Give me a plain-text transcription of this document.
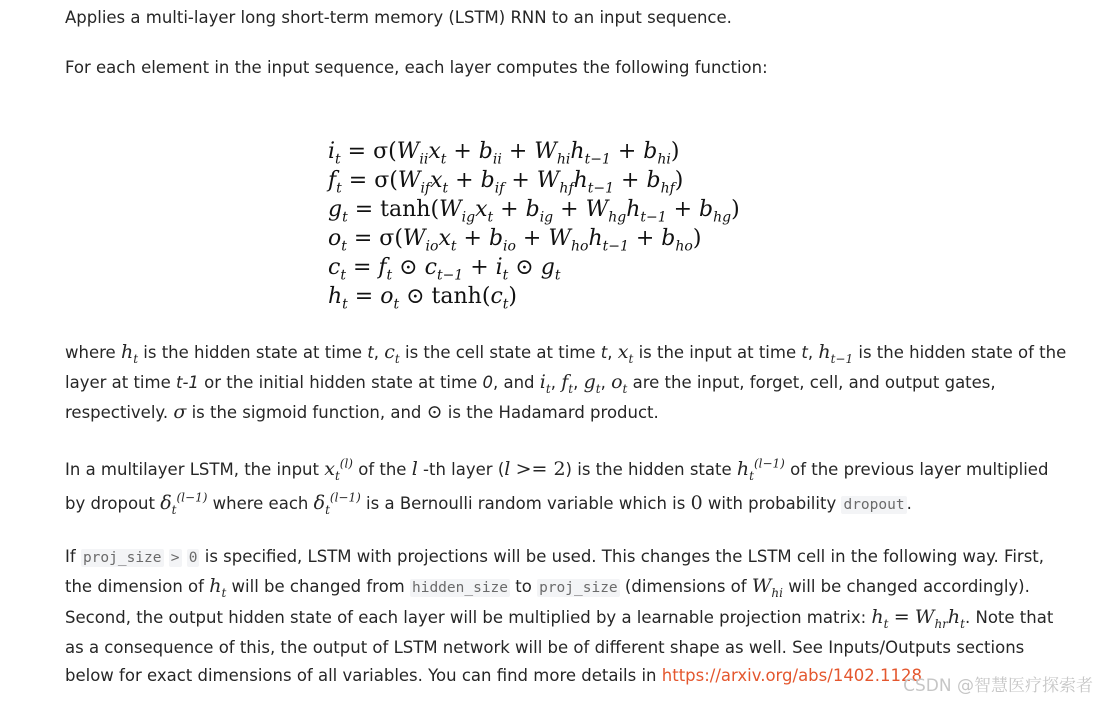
Applies a multi-layer long short-term memory (LSTM) RNN to an input sequence.
For each element in the input sequence, each layer computes the following function:
$i_t = \sigma(W_{ii}x_t + b_{ii} + W_{hi}h_{t-1} + b_{hi})$
$f_t = \sigma(W_{if}x_t + b_{if} + W_{hf}h_{t-1} + b_{hf})$
$g_t = \tanh(W_{ig}x_t + b_{ig} + W_{hg}h_{t-1} + b_{hg})$
$o_t = \sigma(W_{io}x_t + b_{io} + W_{ho}h_{t-1} + b_{ho})$
$c_t = f_t$ ⊙ $c_{t-1} + i_t$ ⊙ $g_t$
$h_t = o_t$ ⊙ $\tanh(c_t)$
where $h_t$ is the hidden state at time t, $c_t$ is the cell state at time t, $x_t$ is the input at time t, $h_{t-1}$ is the hidden state of the
layer at time t-1 or the initial hidden state at time 0, and $i_t$, $f_t$, $g_t$, $o_t$ are the input, forget, cell, and output gates,
respectively. σ is the sigmoid function, and ⊙ is the Hadamard product.
In a multilayer LSTM, the input $x_t^{(l)}$ of the l -th layer (l >= 2) is the hidden state $h_t^{(l-1)}$ of the previous layer multiplied
by dropout $\delta_t^{(l-1)}$ where each $\delta_t^{(l-1)}$ is a Bernoulli random variable which is 0 with probability dropout .
If proj_size > 0 is specified, LSTM with projections will be used. This changes the LSTM cell in the following way. First,
the dimension of $h_t$ will be changed from hidden_size to proj_size (dimensions of $W_{hi}$ will be changed accordingly).
Second, the output hidden state of each layer will be multiplied by a learnable projection matrix: $h_t = W_{hr}h_t$. Note that
as a consequence of this, the output of LSTM network will be of different shape as well. See Inputs/Outputs sections
below for exact dimensions of all variables. You can find more details in https://arxiv.org/abs/1402.1128
CSDN @智慧医疗探索者
